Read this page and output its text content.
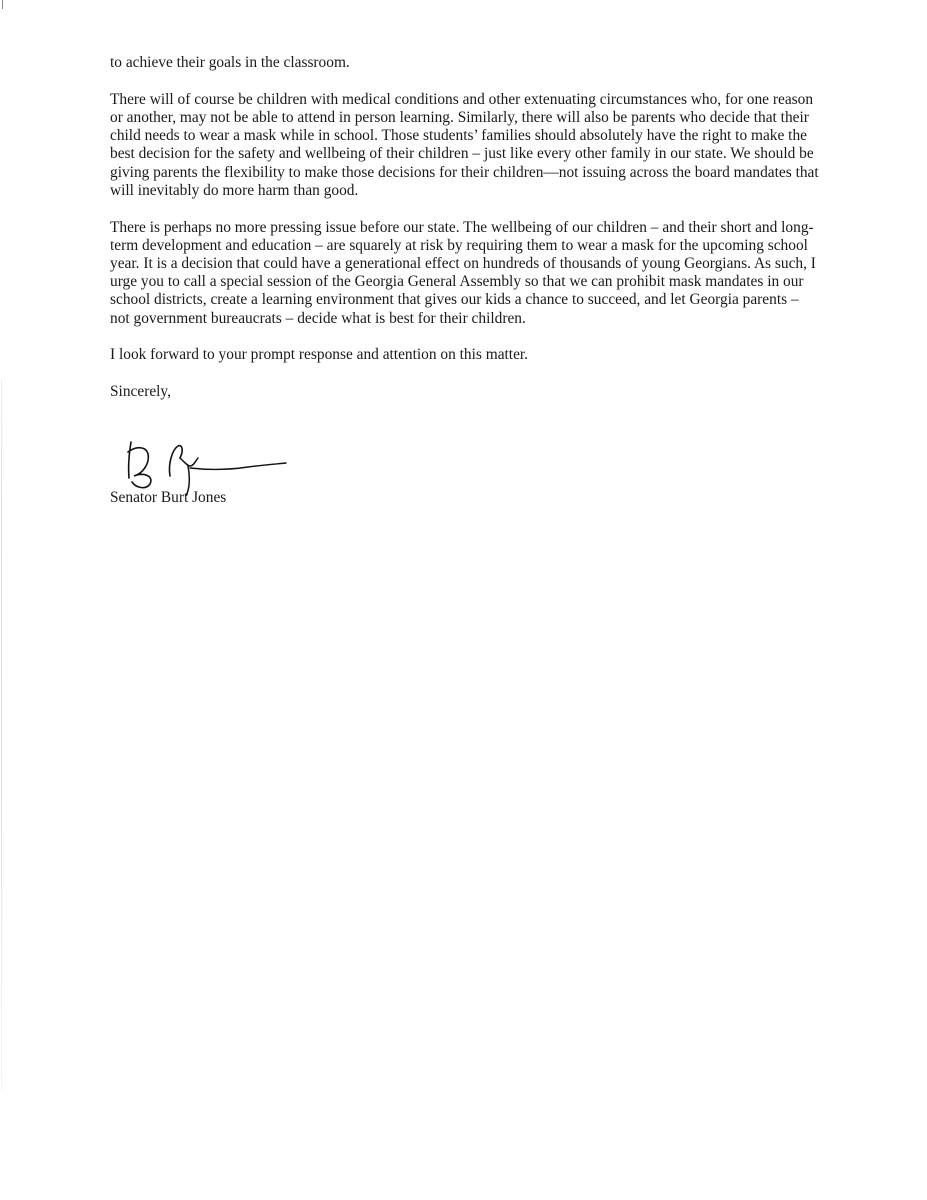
to achieve their goals in the classroom.

There will of course be children with medical conditions and other extenuating circumstances who, for one reason or another, may not be able to attend in person learning. Similarly, there will also be parents who decide that their child needs to wear a mask while in school. Those students’ families should absolutely have the right to make the best decision for the safety and wellbeing of their children – just like every other family in our state. We should be giving parents the flexibility to make those decisions for their children—not issuing across the board mandates that will inevitably do more harm than good.

There is perhaps no more pressing issue before our state. The wellbeing of our children – and their short and long-term development and education – are squarely at risk by requiring them to wear a mask for the upcoming school year. It is a decision that could have a generational effect on hundreds of thousands of young Georgians. As such, I urge you to call a special session of the Georgia General Assembly so that we can prohibit mask mandates in our school districts, create a learning environment that gives our kids a chance to succeed, and let Georgia parents – not government bureaucrats – decide what is best for their children.

I look forward to your prompt response and attention on this matter.

Sincerely,

Senator Burt Jones
